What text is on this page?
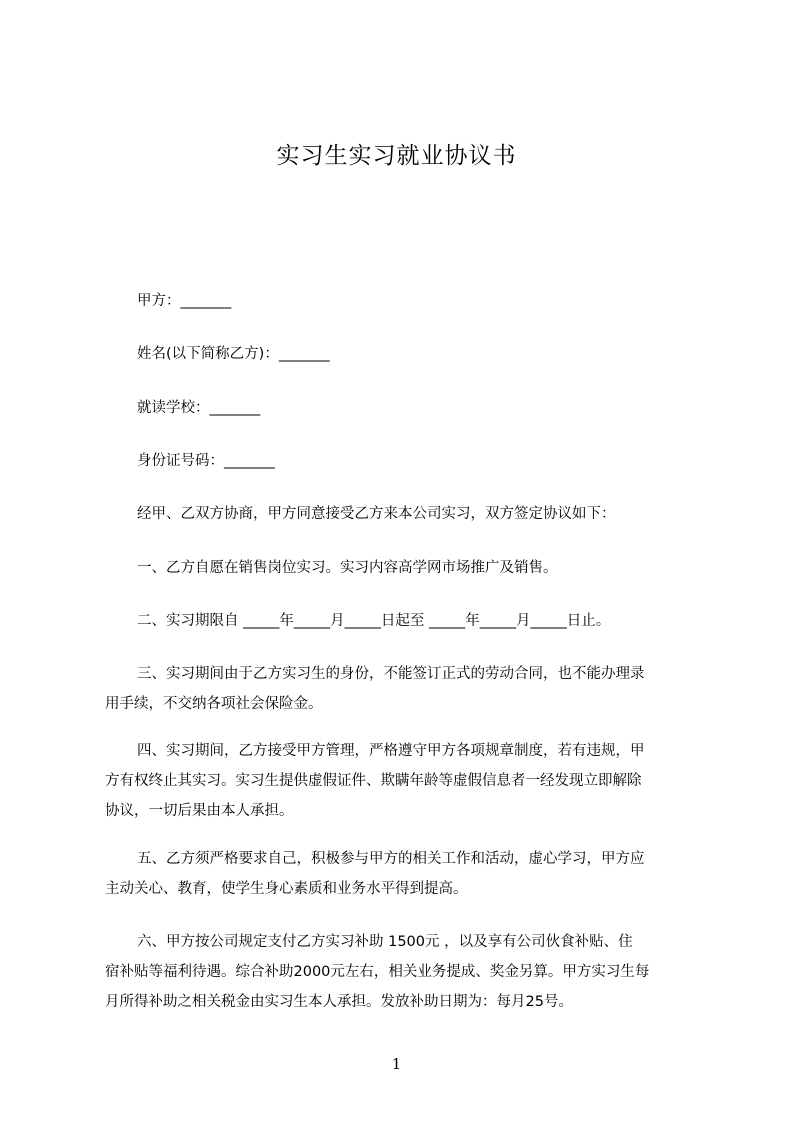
实习生实习就业协议书
甲方：_______
姓名(以下简称乙方)：_______
就读学校：_______
身份证号码：_______
经甲、乙双方协商，甲方同意接受乙方来本公司实习，双方签定协议如下：
一、乙方自愿在销售岗位实习。实习内容高学网市场推广及销售。
二、实习期限自 _____年_____月_____日起至 _____年_____月_____日止。
三、实习期间由于乙方实习生的身份，不能签订正式的劳动合同，也不能办理录
用手续，不交纳各项社会保险金。
四、实习期间，乙方接受甲方管理，严格遵守甲方各项规章制度，若有违规，甲
方有权终止其实习。实习生提供虚假证件、欺瞒年龄等虚假信息者一经发现立即解除
协议，一切后果由本人承担。
五、乙方须严格要求自己，积极参与甲方的相关工作和活动，虚心学习，甲方应
主动关心、教育，使学生身心素质和业务水平得到提高。
六、甲方按公司规定支付乙方实习补助 1500元 ，以及享有公司伙食补贴、住
宿补贴等福利待遇。综合补助2000元左右，相关业务提成、奖金另算。甲方实习生每
月所得补助之相关税金由实习生本人承担。发放补助日期为：每月25号。
1
